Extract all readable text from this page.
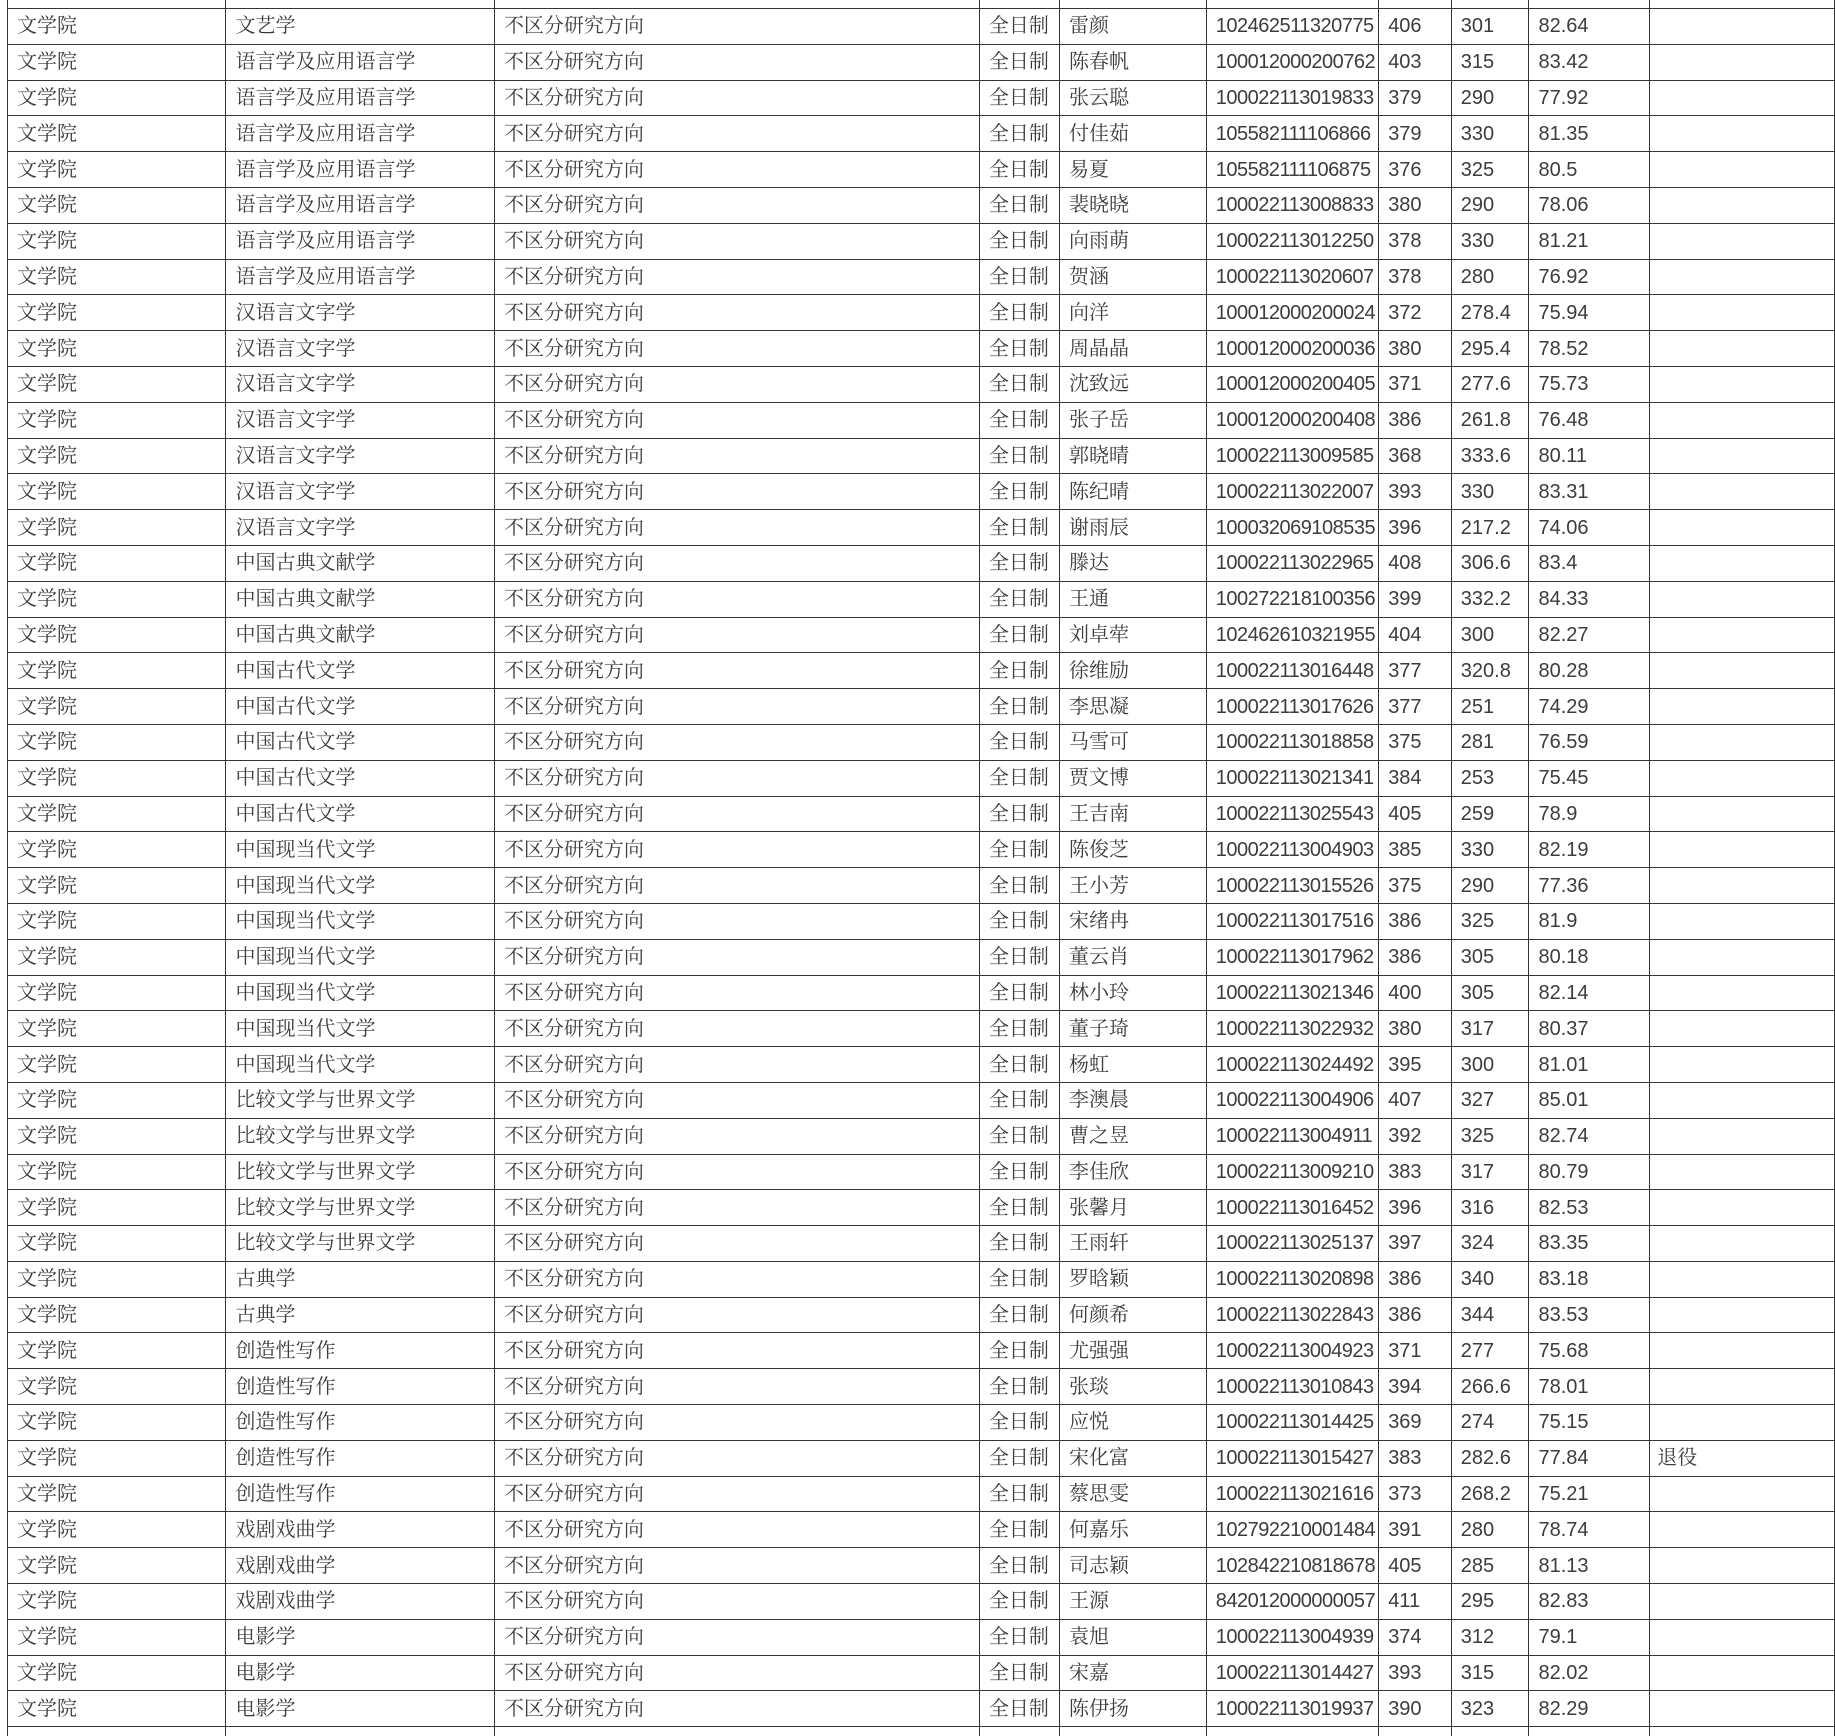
文学院	文艺学	不区分研究方向	全日制	雷颜	102462511320775	406	301	82.64	
文学院	语言学及应用语言学	不区分研究方向	全日制	陈春帆	100012000200762	403	315	83.42	
文学院	语言学及应用语言学	不区分研究方向	全日制	张云聪	100022113019833	379	290	77.92	
文学院	语言学及应用语言学	不区分研究方向	全日制	付佳茹	105582111106866	379	330	81.35	
文学院	语言学及应用语言学	不区分研究方向	全日制	易夏	105582111106875	376	325	80.5	
文学院	语言学及应用语言学	不区分研究方向	全日制	裴晓晓	100022113008833	380	290	78.06	
文学院	语言学及应用语言学	不区分研究方向	全日制	向雨萌	100022113012250	378	330	81.21	
文学院	语言学及应用语言学	不区分研究方向	全日制	贺涵	100022113020607	378	280	76.92	
文学院	汉语言文字学	不区分研究方向	全日制	向洋	100012000200024	372	278.4	75.94	
文学院	汉语言文字学	不区分研究方向	全日制	周晶晶	100012000200036	380	295.4	78.52	
文学院	汉语言文字学	不区分研究方向	全日制	沈致远	100012000200405	371	277.6	75.73	
文学院	汉语言文字学	不区分研究方向	全日制	张子岳	100012000200408	386	261.8	76.48	
文学院	汉语言文字学	不区分研究方向	全日制	郭晓晴	100022113009585	368	333.6	80.11	
文学院	汉语言文字学	不区分研究方向	全日制	陈纪晴	100022113022007	393	330	83.31	
文学院	汉语言文字学	不区分研究方向	全日制	谢雨辰	100032069108535	396	217.2	74.06	
文学院	中国古典文献学	不区分研究方向	全日制	滕达	100022113022965	408	306.6	83.4	
文学院	中国古典文献学	不区分研究方向	全日制	王通	100272218100356	399	332.2	84.33	
文学院	中国古典文献学	不区分研究方向	全日制	刘卓荦	102462610321955	404	300	82.27	
文学院	中国古代文学	不区分研究方向	全日制	徐维励	100022113016448	377	320.8	80.28	
文学院	中国古代文学	不区分研究方向	全日制	李思凝	100022113017626	377	251	74.29	
文学院	中国古代文学	不区分研究方向	全日制	马雪可	100022113018858	375	281	76.59	
文学院	中国古代文学	不区分研究方向	全日制	贾文博	100022113021341	384	253	75.45	
文学院	中国古代文学	不区分研究方向	全日制	王吉南	100022113025543	405	259	78.9	
文学院	中国现当代文学	不区分研究方向	全日制	陈俊芝	100022113004903	385	330	82.19	
文学院	中国现当代文学	不区分研究方向	全日制	王小芳	100022113015526	375	290	77.36	
文学院	中国现当代文学	不区分研究方向	全日制	宋绪冉	100022113017516	386	325	81.9	
文学院	中国现当代文学	不区分研究方向	全日制	董云肖	100022113017962	386	305	80.18	
文学院	中国现当代文学	不区分研究方向	全日制	林小玲	100022113021346	400	305	82.14	
文学院	中国现当代文学	不区分研究方向	全日制	董子琦	100022113022932	380	317	80.37	
文学院	中国现当代文学	不区分研究方向	全日制	杨虹	100022113024492	395	300	81.01	
文学院	比较文学与世界文学	不区分研究方向	全日制	李澳晨	100022113004906	407	327	85.01	
文学院	比较文学与世界文学	不区分研究方向	全日制	曹之昱	100022113004911	392	325	82.74	
文学院	比较文学与世界文学	不区分研究方向	全日制	李佳欣	100022113009210	383	317	80.79	
文学院	比较文学与世界文学	不区分研究方向	全日制	张馨月	100022113016452	396	316	82.53	
文学院	比较文学与世界文学	不区分研究方向	全日制	王雨轩	100022113025137	397	324	83.35	
文学院	古典学	不区分研究方向	全日制	罗晗颖	100022113020898	386	340	83.18	
文学院	古典学	不区分研究方向	全日制	何颜希	100022113022843	386	344	83.53	
文学院	创造性写作	不区分研究方向	全日制	尤强强	100022113004923	371	277	75.68	
文学院	创造性写作	不区分研究方向	全日制	张琰	100022113010843	394	266.6	78.01	
文学院	创造性写作	不区分研究方向	全日制	应悦	100022113014425	369	274	75.15	
文学院	创造性写作	不区分研究方向	全日制	宋化富	100022113015427	383	282.6	77.84	退役
文学院	创造性写作	不区分研究方向	全日制	蔡思雯	100022113021616	373	268.2	75.21	
文学院	戏剧戏曲学	不区分研究方向	全日制	何嘉乐	102792210001484	391	280	78.74	
文学院	戏剧戏曲学	不区分研究方向	全日制	司志颖	102842210818678	405	285	81.13	
文学院	戏剧戏曲学	不区分研究方向	全日制	王源	842012000000057	411	295	82.83	
文学院	电影学	不区分研究方向	全日制	袁旭	100022113004939	374	312	79.1	
文学院	电影学	不区分研究方向	全日制	宋嘉	100022113014427	393	315	82.02	
文学院	电影学	不区分研究方向	全日制	陈伊扬	100022113019937	390	323	82.29	
